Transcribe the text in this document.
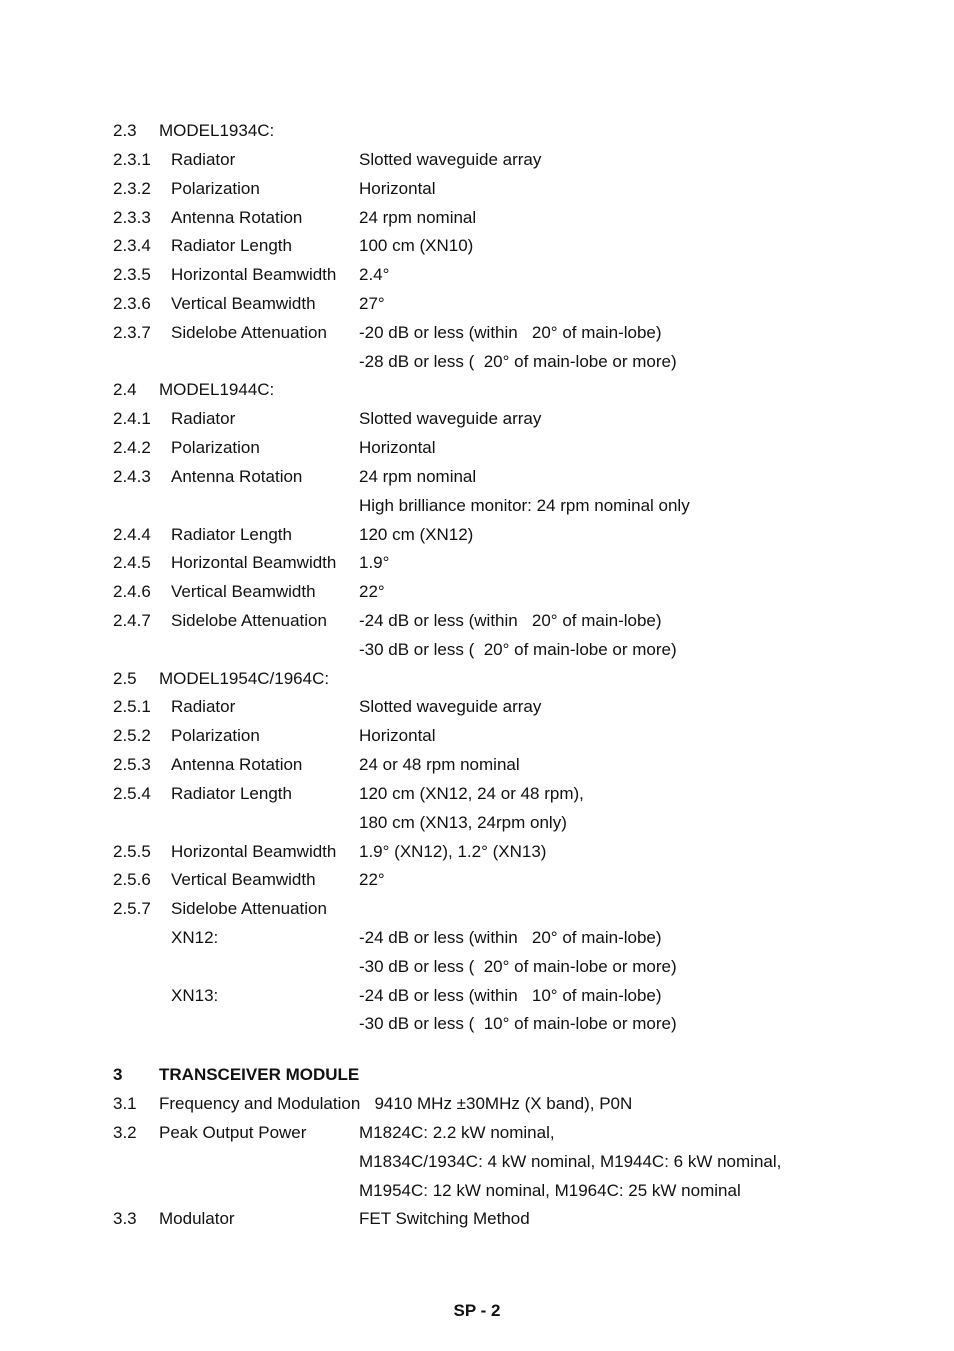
2.3 MODEL1934C:
2.3.1 Radiator	Slotted waveguide array
2.3.2 Polarization	Horizontal
2.3.3 Antenna Rotation	24 rpm nominal
2.3.4 Radiator Length	100 cm (XN10)
2.3.5 Horizontal Beamwidth 2.4°
2.3.6 Vertical Beamwidth	27°
2.3.7 Sidelobe Attenuation -20 dB or less (within   20° of main-lobe)
-28 dB or less (  20° of main-lobe or more)
2.4 MODEL1944C:
2.4.1 Radiator	Slotted waveguide array
2.4.2 Polarization	Horizontal
2.4.3 Antenna Rotation	24 rpm nominal
High brilliance monitor: 24 rpm nominal only
2.4.4 Radiator Length	120 cm (XN12)
2.4.5 Horizontal Beamwidth 1.9°
2.4.6 Vertical Beamwidth	22°
2.4.7 Sidelobe Attenuation -24 dB or less (within   20° of main-lobe)
-30 dB or less (  20° of main-lobe or more)
2.5 MODEL1954C/1964C:
2.5.1 Radiator	Slotted waveguide array
2.5.2 Polarization	Horizontal
2.5.3 Antenna Rotation	24 or 48 rpm nominal
2.5.4 Radiator Length	120 cm (XN12, 24 or 48 rpm),
180 cm (XN13, 24rpm only)
2.5.5 Horizontal Beamwidth 1.9° (XN12), 1.2° (XN13)
2.5.6 Vertical Beamwidth	22°
2.5.7 Sidelobe Attenuation
XN12:	-24 dB or less (within   20° of main-lobe)
-30 dB or less (  20° of main-lobe or more)
XN13:	-24 dB or less (within   10° of main-lobe)
-30 dB or less (  10° of main-lobe or more)
3 TRANSCEIVER MODULE
3.1 Frequency and Modulation   9410 MHz ±30MHz (X band), P0N
3.2 Peak Output Power	M1824C: 2.2 kW nominal,
M1834C/1934C: 4 kW nominal, M1944C: 6 kW nominal,
M1954C: 12 kW nominal, M1964C: 25 kW nominal
3.3 Modulator	FET Switching Method
SP - 2
